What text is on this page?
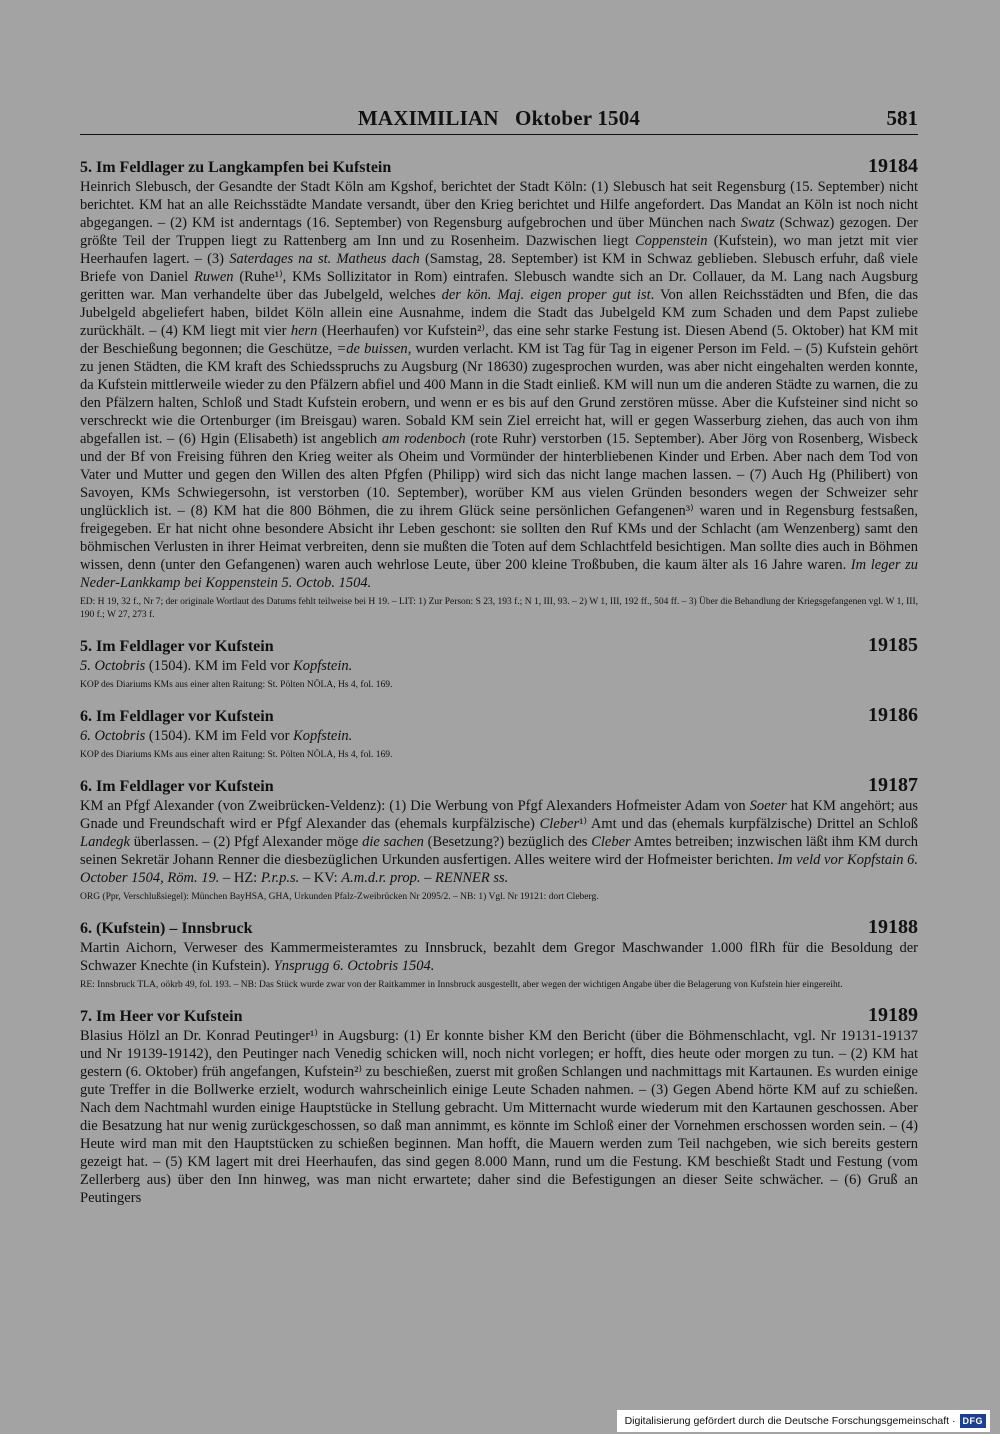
MAXIMILIAN   Oktober 1504	581
5. Im Feldlager zu Langkampfen bei Kufstein	19184

Heinrich Slebusch, der Gesandte der Stadt Köln am Kgshof, berichtet der Stadt Köln: (1) Slebusch hat seit Regensburg (15. September) nicht berichtet. KM hat an alle Reichsstädte Mandate versandt, über den Krieg berichtet und Hilfe angefordert. Das Mandat an Köln ist noch nicht abgegangen. – (2) KM ist anderntags (16. September) von Regensburg aufgebrochen und über München nach Swatz (Schwaz) gezogen. Der größte Teil der Truppen liegt zu Rattenberg am Inn und zu Rosenheim. Dazwischen liegt Coppenstein (Kufstein), wo man jetzt mit vier Heerhaufen lagert. – (3) Saterdages na st. Matheus dach (Samstag, 28. September) ist KM in Schwaz geblieben. Slebusch erfuhr, daß viele Briefe von Daniel Ruwen (Ruhe¹⁾, KMs Sollizitator in Rom) eintrafen. Slebusch wandte sich an Dr. Collauer, da M. Lang nach Augsburg geritten war. Man verhandelte über das Jubelgeld, welches der kön. Maj. eigen proper gut ist. Von allen Reichsstädten und Bfen, die das Jubelgeld abgeliefert haben, bildet Köln allein eine Ausnahme, indem die Stadt das Jubelgeld KM zum Schaden und dem Papst zuliebe zurückhält. – (4) KM liegt mit vier hern (Heerhaufen) vor Kufstein²⁾, das eine sehr starke Festung ist. Diesen Abend (5. Oktober) hat KM mit der Beschießung begonnen; die Geschütze, =de buissen, wurden verlacht. KM ist Tag für Tag in eigener Person im Feld. – (5) Kufstein gehört zu jenen Städten, die KM kraft des Schiedsspruchs zu Augsburg (Nr 18630) zugesprochen wurden, was aber nicht eingehalten werden konnte, da Kufstein mittlerweile wieder zu den Pfälzern abfiel und 400 Mann in die Stadt einließ. KM will nun um die anderen Städte zu warnen, die zu den Pfälzern halten, Schloß und Stadt Kufstein erobern, und wenn er es bis auf den Grund zerstören müsse. Aber die Kufsteiner sind nicht so verschreckt wie die Ortenburger (im Breisgau) waren. Sobald KM sein Ziel erreicht hat, will er gegen Wasserburg ziehen, das auch von ihm abgefallen ist. – (6) Hgin (Elisabeth) ist angeblich am rodenboch (rote Ruhr) verstorben (15. September). Aber Jörg von Rosenberg, Wisbeck und der Bf von Freising führen den Krieg weiter als Oheim und Vormünder der hinterbliebenen Kinder und Erben. Aber nach dem Tod von Vater und Mutter und gegen den Willen des alten Pfgfen (Philipp) wird sich das nicht lange machen lassen. – (7) Auch Hg (Philibert) von Savoyen, KMs Schwiegersohn, ist verstorben (10. September), worüber KM aus vielen Gründen besonders wegen der Schweizer sehr unglücklich ist. – (8) KM hat die 800 Böhmen, die zu ihrem Glück seine persönlichen Gefangenen³⁾ waren und in Regensburg festsaßen, freigegeben. Er hat nicht ohne besondere Absicht ihr Leben geschont: sie sollten den Ruf KMs und der Schlacht (am Wenzenberg) samt den böhmischen Verlusten in ihrer Heimat verbreiten, denn sie mußten die Toten auf dem Schlachtfeld besichtigen. Man sollte dies auch in Böhmen wissen, denn (unter den Gefangenen) waren auch wehrlose Leute, über 200 kleine Troßbuben, die kaum älter als 16 Jahre waren. Im leger zu Neder-Lankkamp bei Koppenstein 5. Octob. 1504.

ED: H 19, 32 f., Nr 7; der originale Wortlaut des Datums fehlt teilweise bei H 19. – LIT: 1) Zur Person: S 23, 193 f.; N 1, III, 93. – 2) W 1, III, 192 ff., 504 ff. – 3) Über die Behandlung der Kriegsgefangenen vgl. W 1, III, 190 f.; W 27, 273 f.

5. Im Feldlager vor Kufstein	19185

5. Octobris (1504). KM im Feld vor Kopfstein.

KOP des Diariums KMs aus einer alten Raitung: St. Pölten NÖLA, Hs 4, fol. 169.

6. Im Feldlager vor Kufstein	19186

6. Octobris (1504). KM im Feld vor Kopfstein.

KOP des Diariums KMs aus einer alten Raitung: St. Pölten NÖLA, Hs 4, fol. 169.

6. Im Feldlager vor Kufstein	19187

KM an Pfgf Alexander (von Zweibrücken-Veldenz): (1) Die Werbung von Pfgf Alexanders Hofmeister Adam von Soeter hat KM angehört; aus Gnade und Freundschaft wird er Pfgf Alexander das (ehemals kurpfälzische) Cleber¹⁾ Amt und das (ehemals kurpfälzische) Drittel an Schloß Landegk überlassen. – (2) Pfgf Alexander möge die sachen (Besetzung?) bezüglich des Cleber Amtes betreiben; inzwischen läßt ihm KM durch seinen Sekretär Johann Renner die diesbezüglichen Urkunden ausfertigen. Alles weitere wird der Hofmeister berichten. Im veld vor Kopfstain 6. October 1504, Röm. 19. – HZ: P.r.p.s. – KV: A.m.d.r. prop. – RENNER ss.

ORG (Ppr, Verschlußsiegel): München BayHSA, GHA, Urkunden Pfalz-Zweibrücken Nr 2095/2. – NB: 1) Vgl. Nr 19121: dort Cleberg.

6. (Kufstein) – Innsbruck	19188

Martin Aichorn, Verweser des Kammermeisteramtes zu Innsbruck, bezahlt dem Gregor Maschwander 1.000 flRh für die Besoldung der Schwazer Knechte (in Kufstein). Ynsprugg 6. Octobris 1504.

RE: Innsbruck TLA, oökrb 49, fol. 193. – NB: Das Stück wurde zwar von der Raitkammer in Innsbruck ausgestellt, aber wegen der wichtigen Angabe über die Belagerung von Kufstein hier eingereiht.

7. Im Heer vor Kufstein	19189

Blasius Hölzl an Dr. Konrad Peutinger¹⁾ in Augsburg: (1) Er konnte bisher KM den Bericht (über die Böhmenschlacht, vgl. Nr 19131-19137 und Nr 19139-19142), den Peutinger nach Venedig schicken will, noch nicht vorlegen; er hofft, dies heute oder morgen zu tun. – (2) KM hat gestern (6. Oktober) früh angefangen, Kufstein²⁾ zu beschießen, zuerst mit großen Schlangen und nachmittags mit Kartaunen. Es wurden einige gute Treffer in die Bollwerke erzielt, wodurch wahrscheinlich einige Leute Schaden nahmen. – (3) Gegen Abend hörte KM auf zu schießen. Nach dem Nachtmahl wurden einige Hauptstücke in Stellung gebracht. Um Mitternacht wurde wiederum mit den Kartaunen geschossen. Aber die Besatzung hat nur wenig zurückgeschossen, so daß man annimmt, es könnte im Schloß einer der Vornehmen erschossen worden sein. – (4) Heute wird man mit den Hauptstücken zu schießen beginnen. Man hofft, die Mauern werden zum Teil nachgeben, wie sich bereits gestern gezeigt hat. – (5) KM lagert mit drei Heerhaufen, das sind gegen 8.000 Mann, rund um die Festung. KM beschießt Stadt und Festung (vom Zellerberg aus) über den Inn hinweg, was man nicht erwartete; daher sind die Befestigungen an dieser Seite schwächer. – (6) Gruß an Peutingers

Digitalisierung gefördert durch die Deutsche Forschungsgemeinschaft · DFG
